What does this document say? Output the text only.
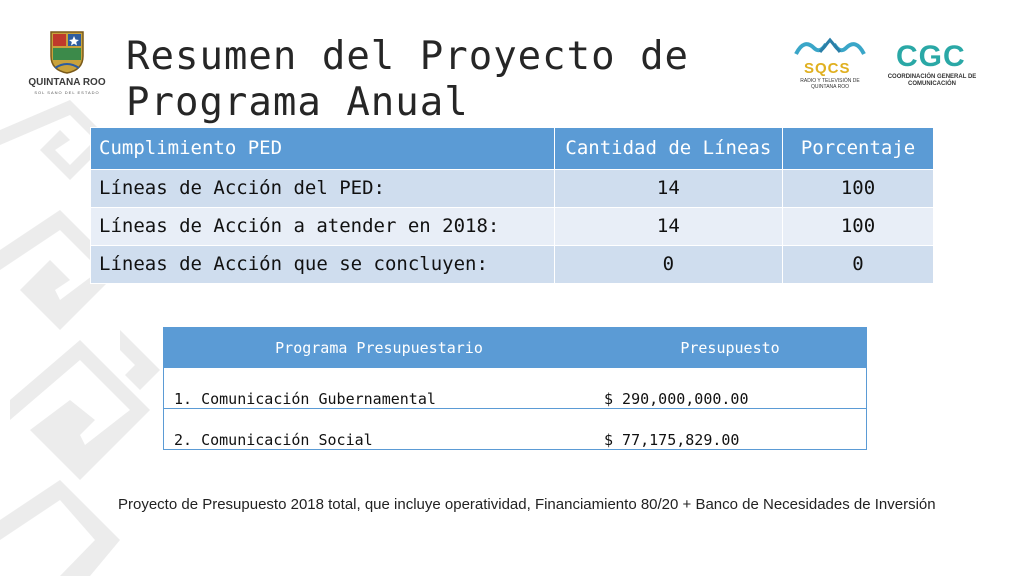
QUINTANA ROO
SOL SANO DEL ESTADO
Resumen del Proyecto de Programa Anual
SQCS
RADIO Y TELEVISIÓN DE QUINTANA ROO
CGC
COORDINACIÓN GENERAL DE COMUNICACIÓN
Cumplimiento PED	Cantidad de Líneas	Porcentaje
Líneas de Acción del PED:	14	100
Líneas de Acción a atender en 2018:	14	100
Líneas de Acción que se concluyen:	0	0
Programa Presupuestario	Presupuesto
1. Comunicación Gubernamental	$ 290,000,000.00
2. Comunicación Social	$ 77,175,829.00
Proyecto de Presupuesto 2018 total, que incluye operatividad, Financiamiento 80/20 + Banco de Necesidades de Inversión
